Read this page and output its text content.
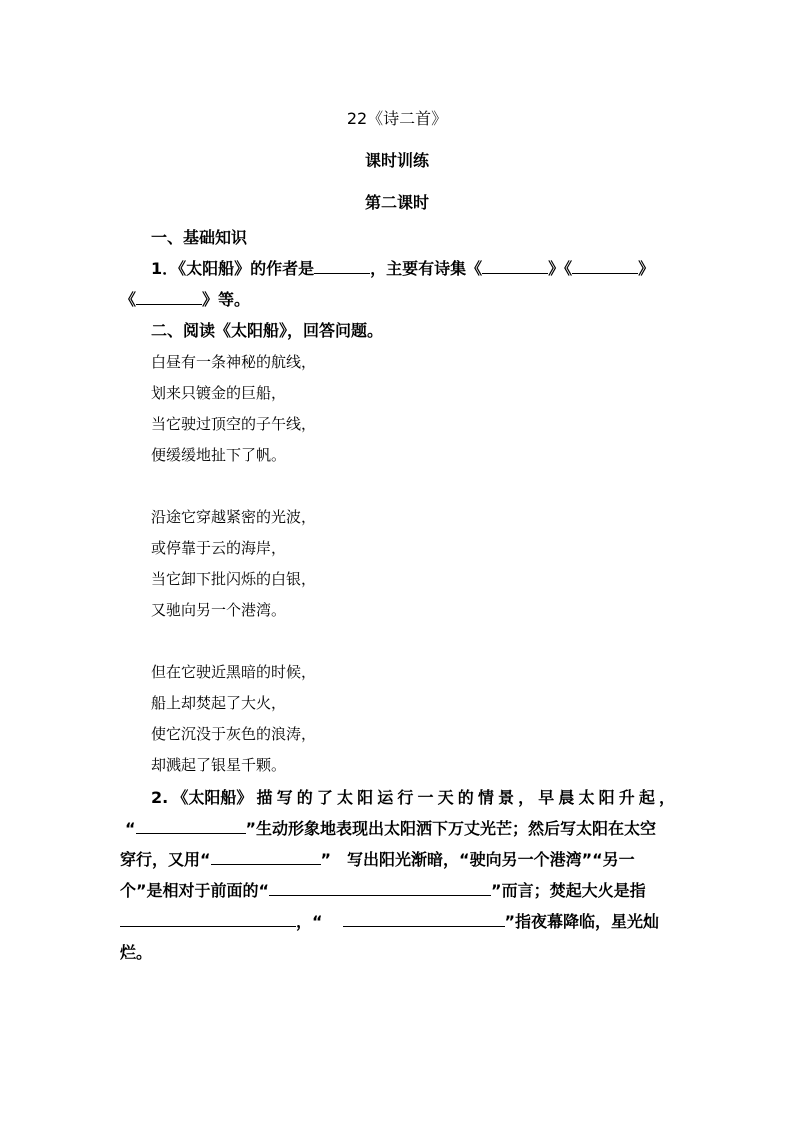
22《诗二首》
课时训练
第二课时
一、基础知识
1．《太阳船》的作者是	，主要有诗集《	》《	》
《	》等。
二、阅读《太阳船》，回答问题。
白昼有一条神秘的航线，
划来只镀金的巨船，
当它驶过顶空的子午线，
便缓缓地扯下了帆。
沿途它穿越紧密的光波，
或停靠于云的海岸，
当它卸下批闪烁的白银，
又驰向另一个港湾。
但在它驶近黑暗的时候，
船上却焚起了大火，
使它沉没于灰色的浪涛，
却溅起了银星千颗。
2. 《太阳船》 描 写 的 了 太 阳 运 行 一 天 的 情 景 ， 早 晨 太 阳 升 起 ，
“	”生动形象地表现出太阳洒下万丈光芒；然后写太阳在太空
穿行，又用“	”　写出阳光渐暗，“驶向另一个港湾”“另一
个”是相对于前面的“	”而言；焚起大火是指
，“	”指夜幕降临，星光灿
烂。
